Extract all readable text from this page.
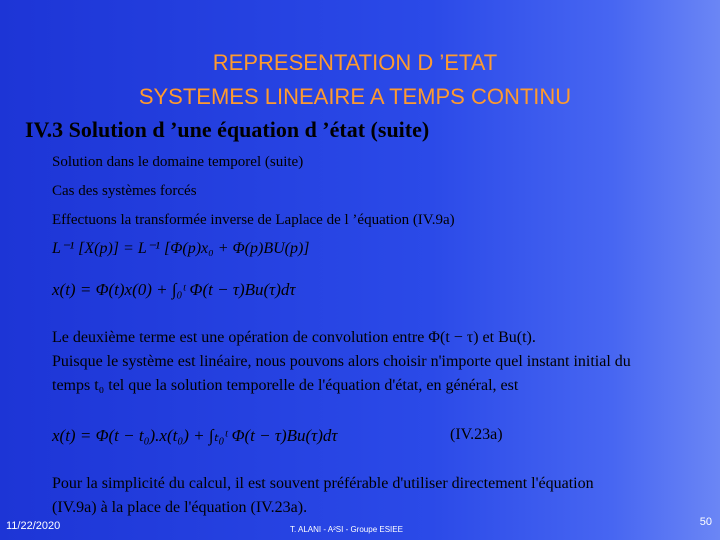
REPRESENTATION D ’ETAT
SYSTEMES LINEAIRE A TEMPS CONTINU
IV.3 Solution d ’une équation d ’état (suite)
Solution dans le domaine temporel (suite)
Cas des systèmes forcés
Effectuons la transformée inverse de Laplace de l ’équation (IV.9a)
L⁻¹ [X(p)] = L⁻¹ [Φ(p)x₀ + Φ(p)BU(p)]
x(t) = Φ(t)x(0) + ∫₀ᵗ Φ(t − τ)Bu(τ)dτ
Le deuxième terme est une opération de convolution entre Φ(t − τ) et Bu(t).
Puisque le système est linéaire, nous pouvons alors choisir n'importe quel instant initial du temps t₀ tel que la solution temporelle de l'équation d'état, en général, est
x(t) = Φ(t − t₀).x(t₀) + ∫ₜ₀ᵗ Φ(t − τ)Bu(τ)dτ	(IV.23a)
Pour la simplicité du calcul, il est souvent préférable d'utiliser directement l'équation (IV.9a) à la place de l'équation (IV.23a).
11/22/2020	T. ALANI - A²SI - Groupe ESIEE
50
